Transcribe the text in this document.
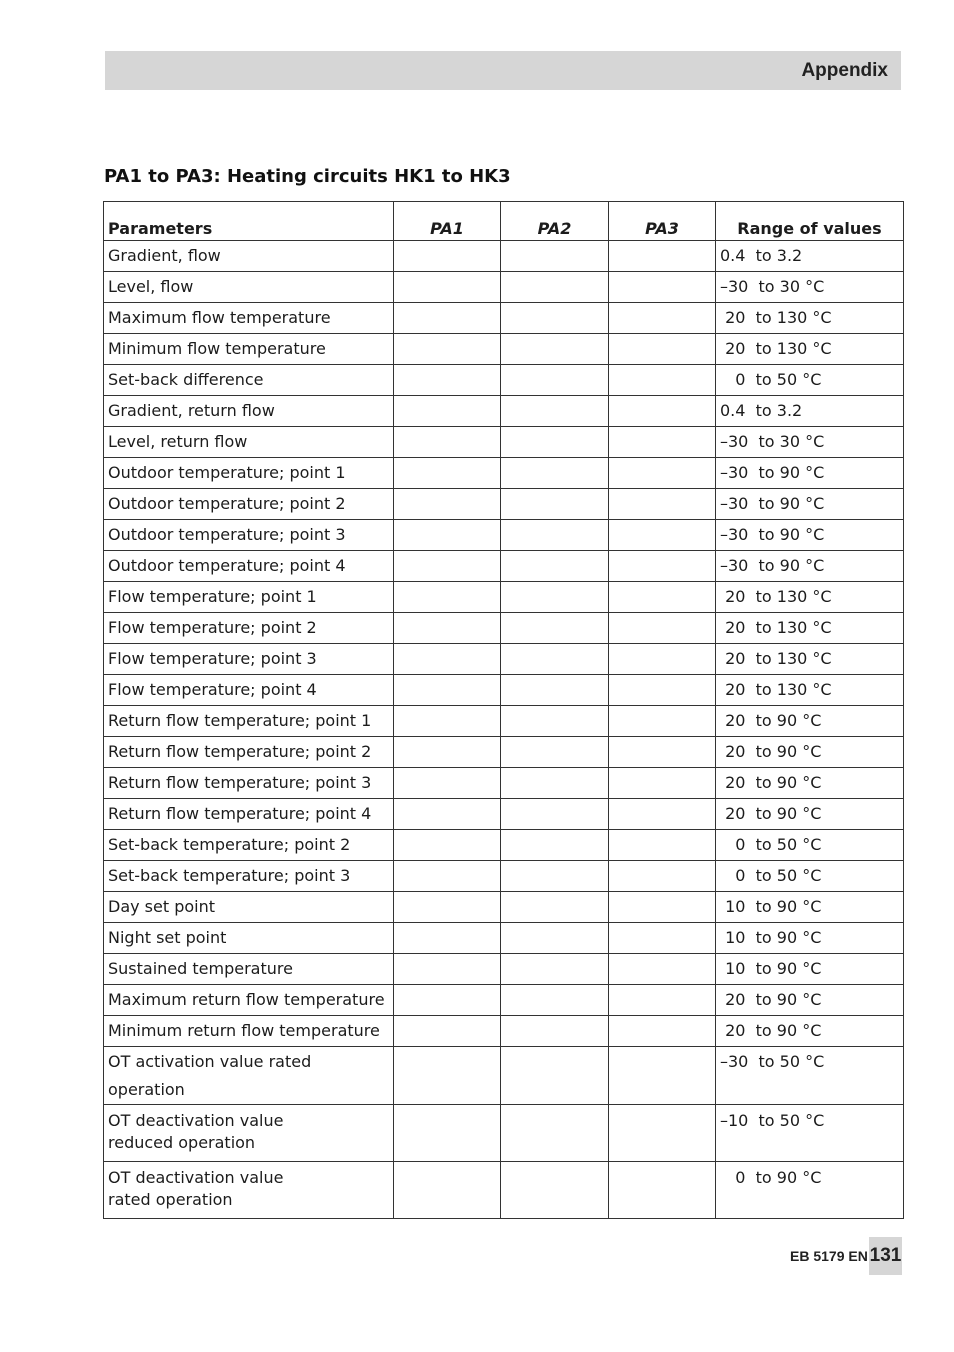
Appendix
PA1 to PA3: Heating circuits HK1 to HK3
Parameters	PA1	PA2	PA3	Range of values
Gradient, flow				0.4  to 3.2
Level, flow				–30  to 30 °C
Maximum flow temperature				20  to 130 °C
Minimum flow temperature				20  to 130 °C
Set-back difference				0  to 50 °C
Gradient, return flow				0.4  to 3.2
Level, return flow				–30  to 30 °C
Outdoor temperature; point 1				–30  to 90 °C
Outdoor temperature; point 2				–30  to 90 °C
Outdoor temperature; point 3				–30  to 90 °C
Outdoor temperature; point 4				–30  to 90 °C
Flow temperature; point 1				20  to 130 °C
Flow temperature; point 2				20  to 130 °C
Flow temperature; point 3				20  to 130 °C
Flow temperature; point 4				20  to 130 °C
Return flow temperature; point 1				20  to 90 °C
Return flow temperature; point 2				20  to 90 °C
Return flow temperature; point 3				20  to 90 °C
Return flow temperature; point 4				20  to 90 °C
Set-back temperature; point 2				0  to 50 °C
Set-back temperature; point 3				0  to 50 °C
Day set point				10  to 90 °C
Night set point				10  to 90 °C
Sustained temperature				10  to 90 °C
Maximum return flow temperature				20  to 90 °C
Minimum return flow temperature				20  to 90 °C
OT activation value rated operation				–30  to 50 °C
OT deactivation value
reduced operation				–10  to 50 °C
OT deactivation value
rated operation				0  to 90 °C
EB 5179 EN 131
